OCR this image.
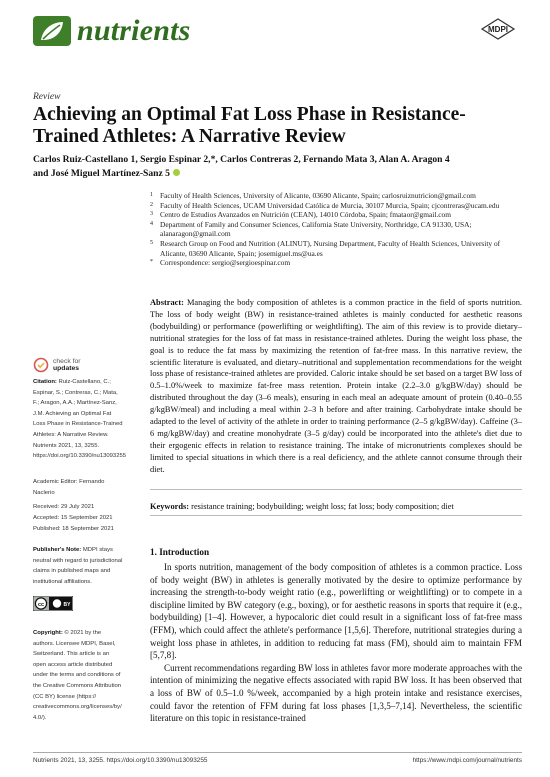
nutrients	MDPI
Review
Achieving an Optimal Fat Loss Phase in Resistance-Trained Athletes: A Narrative Review
Carlos Ruiz-Castellano 1, Sergio Espinar 2,*, Carlos Contreras 2, Fernando Mata 3, Alan A. Aragon 4
and José Miguel Martínez-Sanz 5
1 Faculty of Health Sciences, University of Alicante, 03690 Alicante, Spain; carlosruiznutricion@gmail.com
2 Faculty of Health Sciences, UCAM Universidad Católica de Murcia, 30107 Murcia, Spain; cjcontreras@ucam.edu
3 Centro de Estudios Avanzados en Nutrición (CEAN), 14010 Córdoba, Spain; fmataor@gmail.com
4 Department of Family and Consumer Sciences, California State University, Northridge, CA 91330, USA; alanaragon@gmail.com
5 Research Group on Food and Nutrition (ALINUT), Nursing Department, Faculty of Health Sciences, University of Alicante, 03690 Alicante, Spain; josemiguel.ms@ua.es
* Correspondence: sergio@sergioespinar.com
Abstract: Managing the body composition of athletes is a common practice in the field of sports nutrition. The loss of body weight (BW) in resistance-trained athletes is mainly conducted for aesthetic reasons (bodybuilding) or performance (powerlifting or weightlifting). The aim of this review is to provide dietary–nutritional strategies for the loss of fat mass in resistance-trained athletes. During the weight loss phase, the goal is to reduce the fat mass by maximizing the retention of fat-free mass. In this narrative review, the scientific literature is evaluated, and dietary–nutritional and supplementation recommendations for the weight loss phase of resistance-trained athletes are provided. Caloric intake should be set based on a target BW loss of 0.5–1.0%/week to maximize fat-free mass retention. Protein intake (2.2–3.0 g/kgBW/day) should be distributed throughout the day (3–6 meals), ensuring in each meal an adequate amount of protein (0.40–0.55 g/kgBW/meal) and including a meal within 2–3 h before and after training. Carbohydrate intake should be adapted to the level of activity of the athlete in order to training performance (2–5 g/kgBW/day). Caffeine (3–6 mg/kgBW/day) and creatine monohydrate (3–5 g/day) could be incorporated into the athlete's diet due to their ergogenic effects in relation to resistance training. The intake of micronutrients complexes should be limited to special situations in which there is a real deficiency, and the athlete cannot consume through their diet.
Keywords: resistance training; bodybuilding; weight loss; fat loss; body composition; diet
check for
updates
Citation: Ruiz-Castellano, C.; Espinar, S.; Contreras, C.; Mata, F.; Aragon, A.A.; Martínez-Sanz, J.M. Achieving an Optimal Fat Loss Phase in Resistance-Trained Athletes: A Narrative Review. Nutrients 2021, 13, 3255. https://doi.org/10.3390/nu13093255
Academic Editor: Fernando Naclerio
Received: 29 July 2021
Accepted: 15 September 2021
Published: 18 September 2021
Publisher's Note: MDPI stays neutral with regard to jurisdictional claims in published maps and institutional affiliations.
cc	BY
Copyright: © 2021 by the authors. Licensee MDPI, Basel, Switzerland. This article is an open access article distributed under the terms and conditions of the Creative Commons Attribution (CC BY) license (https:// creativecommons.org/licenses/by/ 4.0/).
1. Introduction

In sports nutrition, management of the body composition of athletes is a common practice. Loss of body weight (BW) in athletes is generally motivated by the desire to optimize performance by increasing the strength-to-body weight ratio (e.g., powerlifting or weightlifting) or to compete in a discipline limited by BW category (e.g., boxing), or for aesthetic reasons in sports that require it (e.g., bodybuilding) [1–4]. However, a hypocaloric diet could result in a significant loss of fat-free mass (FFM), which could affect the athlete's performance [1,5,6]. Therefore, nutritional strategies during a weight loss phase in athletes, in addition to reducing fat mass (FM), should aim to maintain FFM [5,7,8].

Current recommendations regarding BW loss in athletes favor more moderate approaches with the intention of minimizing the negative effects associated with rapid BW loss. It has been observed that a loss of BW of 0.5–1.0 %/week, accompanied by a high protein intake and resistance exercises, could favor the retention of FFM during fat loss phases [1,3,5–7,14]. Nevertheless, the scientific literature on this topic in resistance-trained

Nutrients 2021, 13, 3255. https://doi.org/10.3390/nu13093255	https://www.mdpi.com/journal/nutrients
